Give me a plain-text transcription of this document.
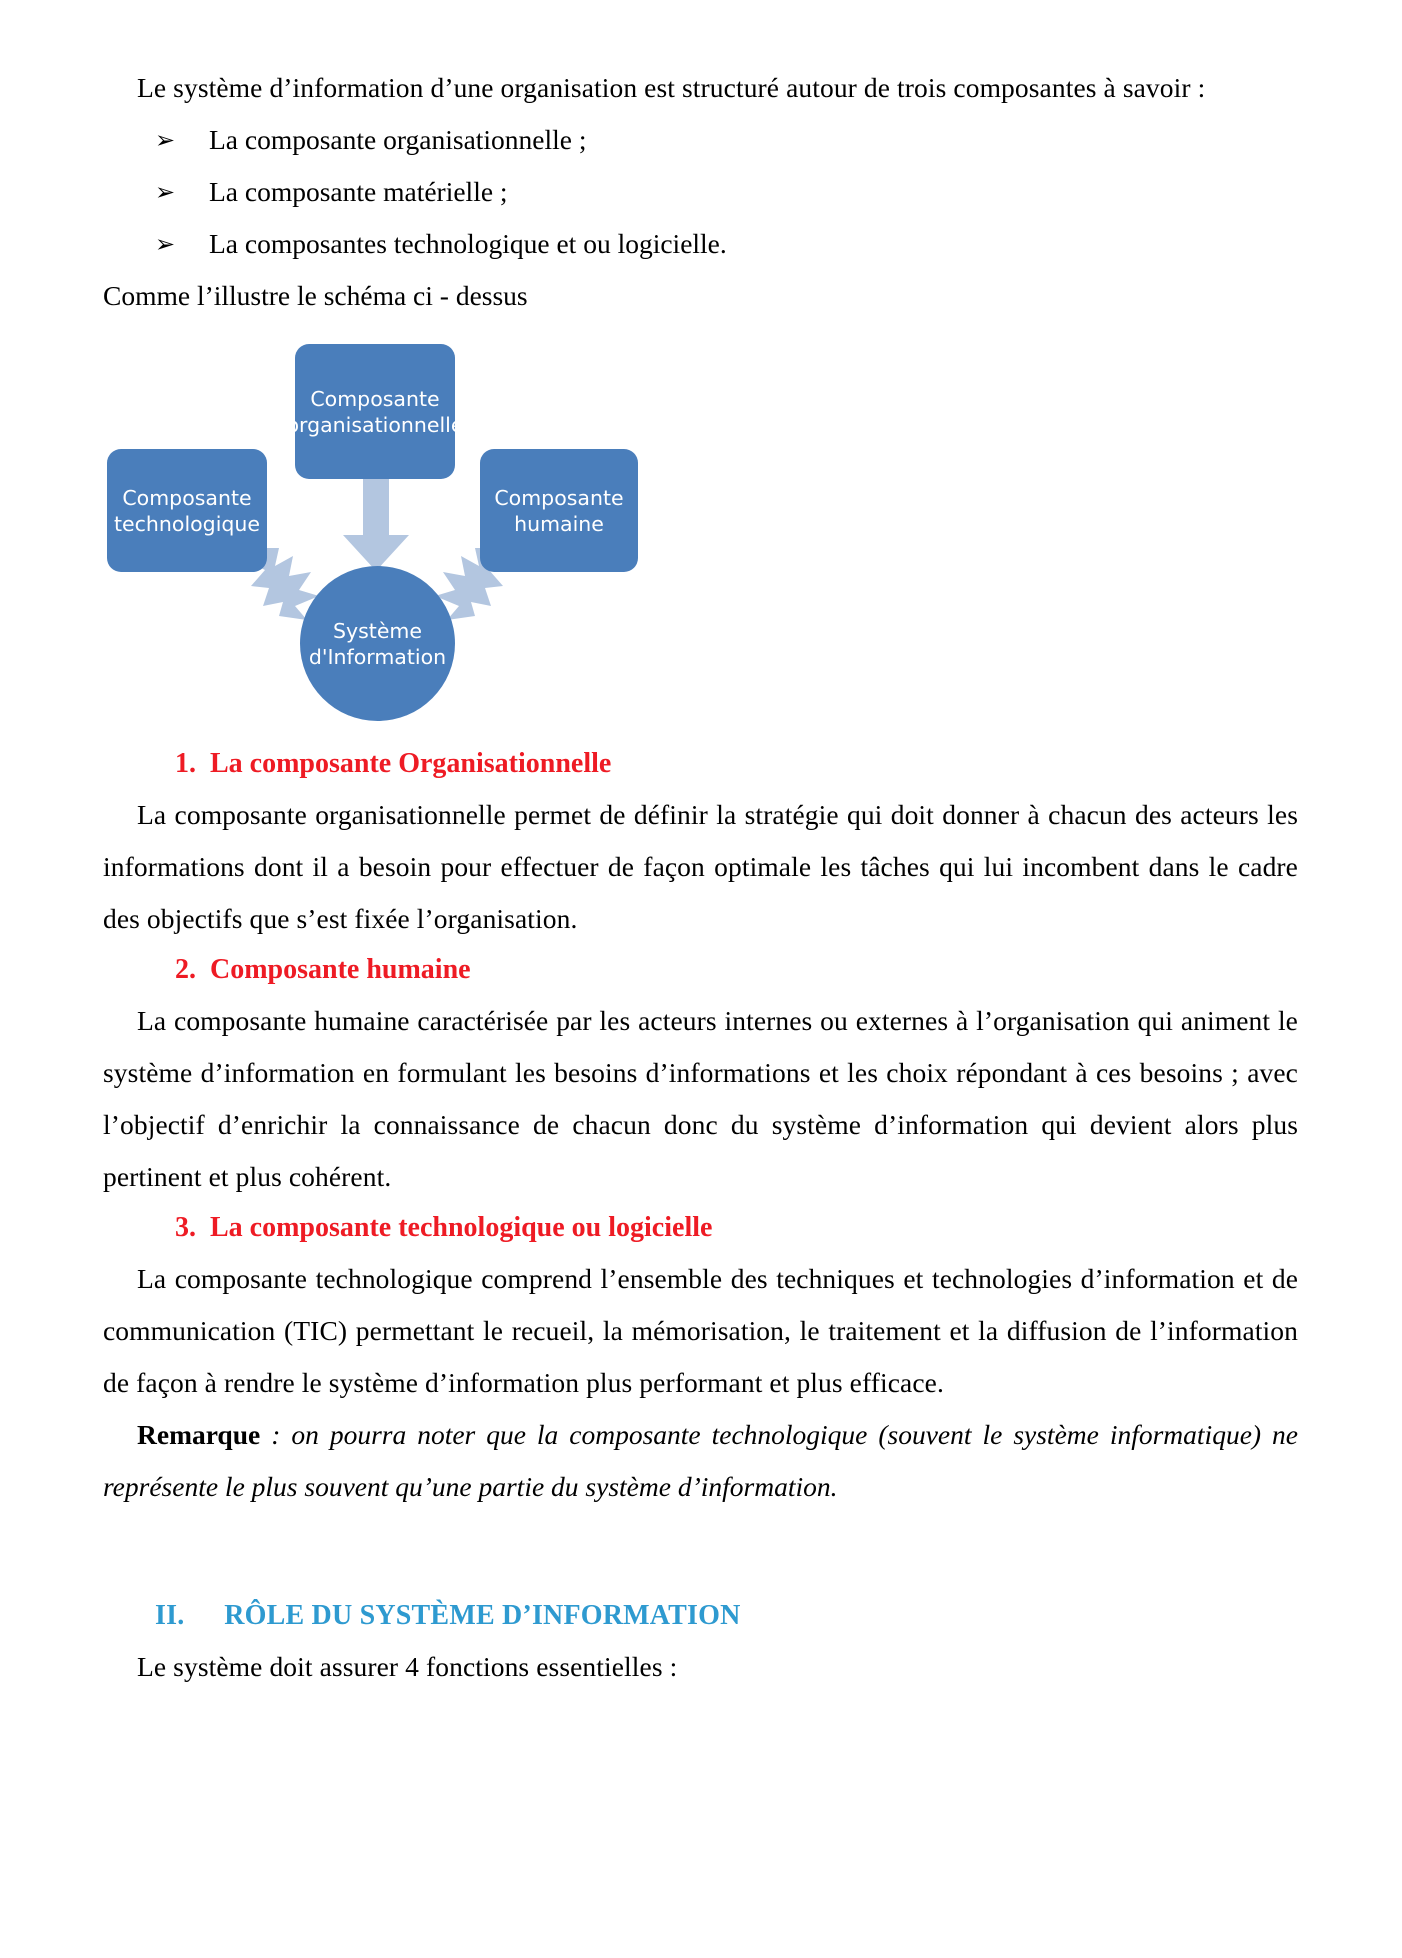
Le système d’information d’une organisation est structuré autour de trois composantes à savoir :

➢ La composante organisationnelle ;
➢ La composante matérielle ;
➢ La composantes technologique et ou logicielle.

Comme l’illustre le schéma ci - dessus

Composante
organisationnelle
Composante
technologique
Composante
humaine
Système
d'Information

1. La composante Organisationnelle

La composante organisationnelle permet de définir la stratégie qui doit donner à chacun des acteurs les informations dont il a besoin pour effectuer de façon optimale les tâches qui lui incombent dans le cadre des objectifs que s’est fixée l’organisation.

2. Composante humaine

La composante humaine caractérisée par les acteurs internes ou externes à l’organisation qui animent le système d’information en formulant les besoins d’informations et les choix répondant à ces besoins ; avec l’objectif d’enrichir la connaissance de chacun donc du système d’information qui devient alors plus pertinent et plus cohérent.

3. La composante technologique ou logicielle

La composante technologique comprend l’ensemble des techniques et technologies d’information et de communication (TIC) permettant le recueil, la mémorisation, le traitement et la diffusion de l’information de façon à rendre le système d’information plus performant et plus efficace.

Remarque : on pourra noter que la composante technologique (souvent le système informatique) ne représente le plus souvent qu’une partie du système d’information.

II. RÔLE DU SYSTÈME D’INFORMATION

Le système doit assurer 4 fonctions essentielles :
